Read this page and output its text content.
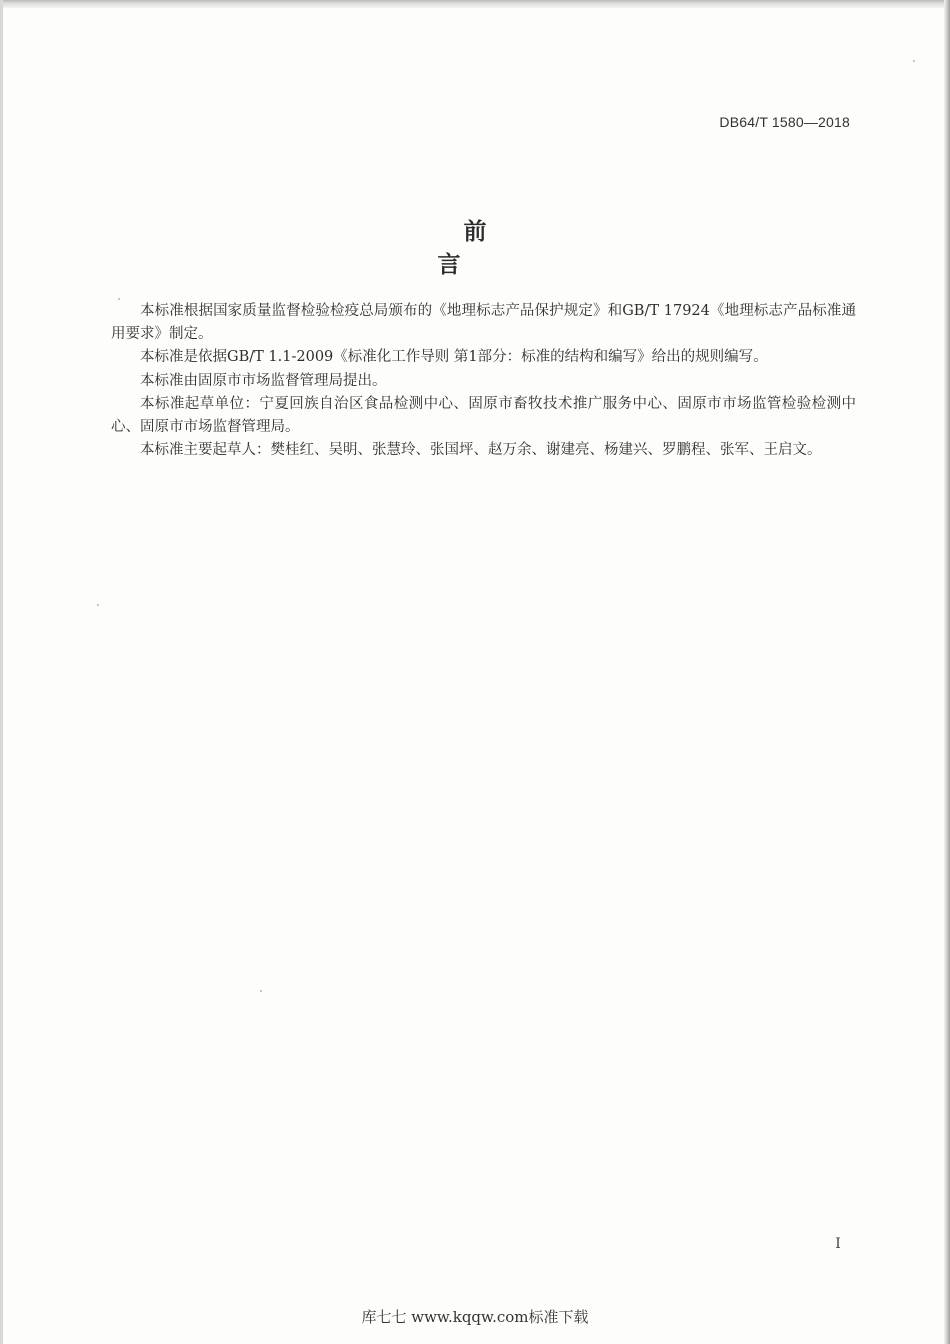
DB64/T 1580—2018
前言

本标准根据国家质量监督检验检疫总局颁布的《地理标志产品保护规定》和GB/T 17924《地理标志产品标准通用要求》制定。

本标准是依据GB/T 1.1-2009《标准化工作导则 第1部分：标准的结构和编写》给出的规则编写。

本标准由固原市市场监督管理局提出。

本标准起草单位：宁夏回族自治区食品检测中心、固原市畜牧技术推广服务中心、固原市市场监管检验检测中心、固原市市场监督管理局。

本标准主要起草人：樊桂红、吴明、张慧玲、张国坪、赵万余、谢建亮、杨建兴、罗鹏程、张军、王启文。

I
库七七 www.kqqw.com标准下载
